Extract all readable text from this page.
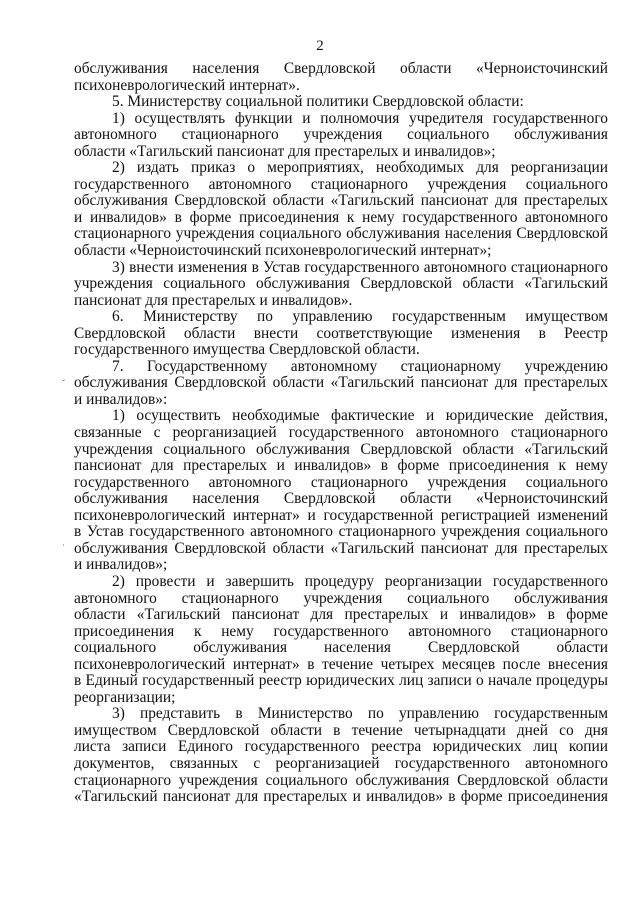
2
ˇ
·
обслуживания населения Свердловской области «Черноисточинский
психоневрологический интернат».
5. Министерству социальной политики Свердловской области:
1) осуществлять функции и полномочия учредителя государственного
автономного стационарного учреждения социального обслуживания
области «Тагильский пансионат для престарелых и инвалидов»;
2) издать приказ о мероприятиях, необходимых для реорганизации
государственного автономного стационарного учреждения социального
обслуживания Свердловской области «Тагильский пансионат для престарелых
и инвалидов» в форме присоединения к нему государственного автономного
стационарного учреждения социального обслуживания населения Свердловской
области «Черноисточинский психоневрологический интернат»;
3) внести изменения в Устав государственного автономного стационарного
учреждения социального обслуживания Свердловской области «Тагильский
пансионат для престарелых и инвалидов».
6. Министерству по управлению государственным имуществом
Свердловской области внести соответствующие изменения в Реестр
государственного имущества Свердловской области.
7. Государственному автономному стационарному учреждению
обслуживания Свердловской области «Тагильский пансионат для престарелых
и инвалидов»:
1) осуществить необходимые фактические и юридические действия,
связанные с реорганизацией государственного автономного стационарного
учреждения социального обслуживания Свердловской области «Тагильский
пансионат для престарелых и инвалидов» в форме присоединения к нему
государственного автономного стационарного учреждения социального
обслуживания населения Свердловской области «Черноисточинский
психоневрологический интернат» и государственной регистрацией изменений
в Устав государственного автономного стационарного учреждения социального
обслуживания Свердловской области «Тагильский пансионат для престарелых
и инвалидов»;
2) провести и завершить процедуру реорганизации государственного
автономного стационарного учреждения социального обслуживания
области «Тагильский пансионат для престарелых и инвалидов» в форме
присоединения к нему государственного автономного стационарного
социального обслуживания населения Свердловской области
психоневрологический интернат» в течение четырех месяцев после внесения
в Единый государственный реестр юридических лиц записи о начале процедуры
реорганизации;
3) представить в Министерство по управлению государственным
имуществом Свердловской области в течение четырнадцати дней со дня
листа записи Единого государственного реестра юридических лиц копии
документов, связанных с реорганизацией государственного автономного
стационарного учреждения социального обслуживания Свердловской области
«Тагильский пансионат для престарелых и инвалидов» в форме присоединения
